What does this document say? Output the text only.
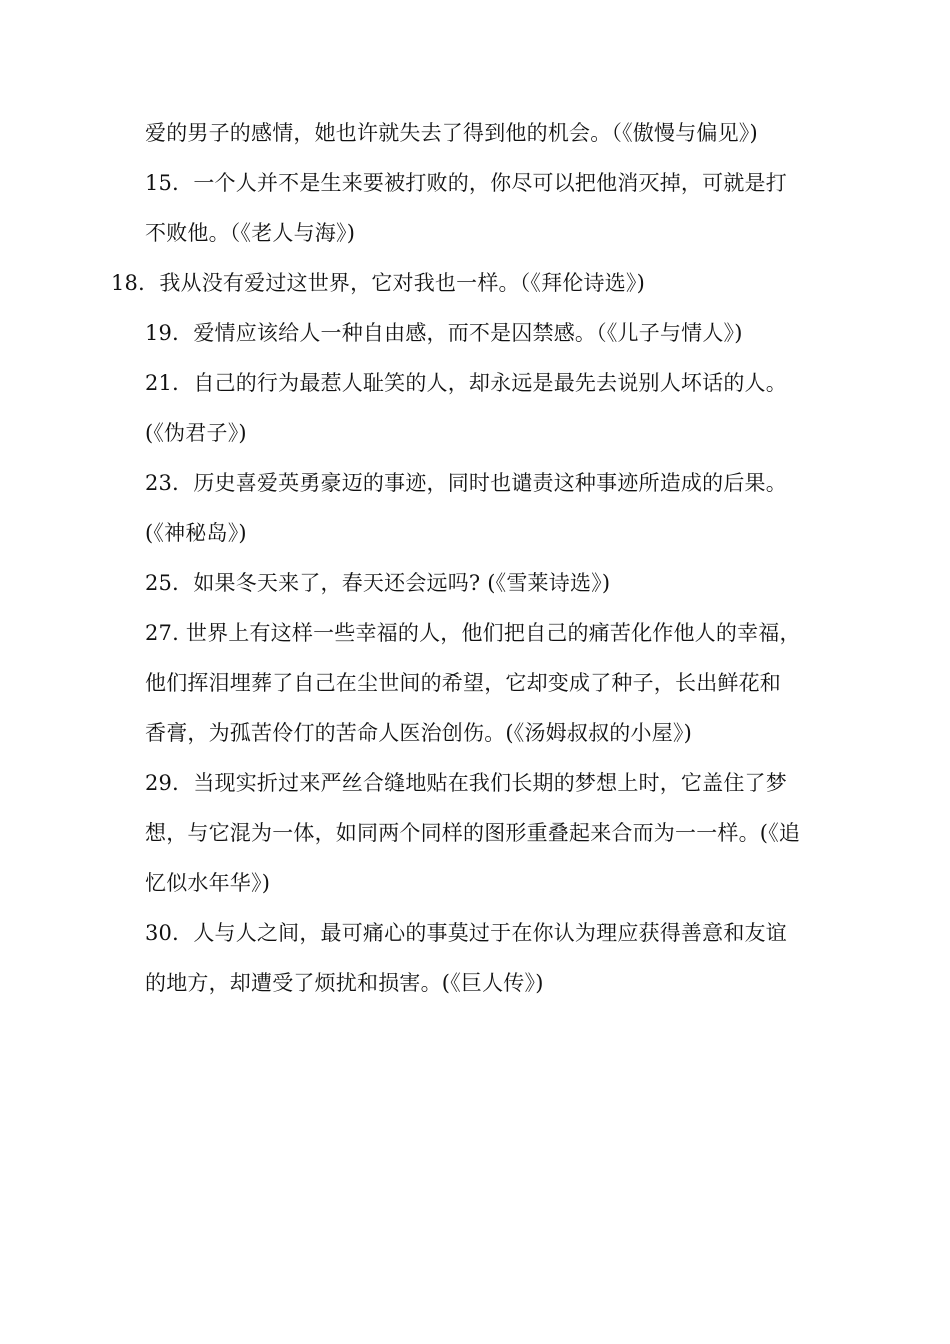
爱的男子的感情，她也许就失去了得到他的机会。（《傲慢与偏见》)
15．一个人并不是生来要被打败的，你尽可以把他消灭掉，可就是打
不败他。（《老人与海》)
18．我从没有爱过这世界，它对我也一样。（《拜伦诗选》)
19．爱情应该给人一种自由感，而不是囚禁感。（《儿子与情人》)
21．自己的行为最惹人耻笑的人，却永远是最先去说别人坏话的人。
(《伪君子》)
23．历史喜爱英勇豪迈的事迹，同时也谴责这种事迹所造成的后果。
(《神秘岛》)
25．如果冬天来了，春天还会远吗? (《雪莱诗选》)
27. 世界上有这样一些幸福的人，他们把自己的痛苦化作他人的幸福，
他们挥泪埋葬了自己在尘世间的希望，它却变成了种子，长出鲜花和
香膏，为孤苦伶仃的苦命人医治创伤。(《汤姆叔叔的小屋》)
29．当现实折过来严丝合缝地贴在我们长期的梦想上时，它盖住了梦
想，与它混为一体，如同两个同样的图形重叠起来合而为一一样。(《追
忆似水年华》)
30．人与人之间，最可痛心的事莫过于在你认为理应获得善意和友谊
的地方，却遭受了烦扰和损害。(《巨人传》)
